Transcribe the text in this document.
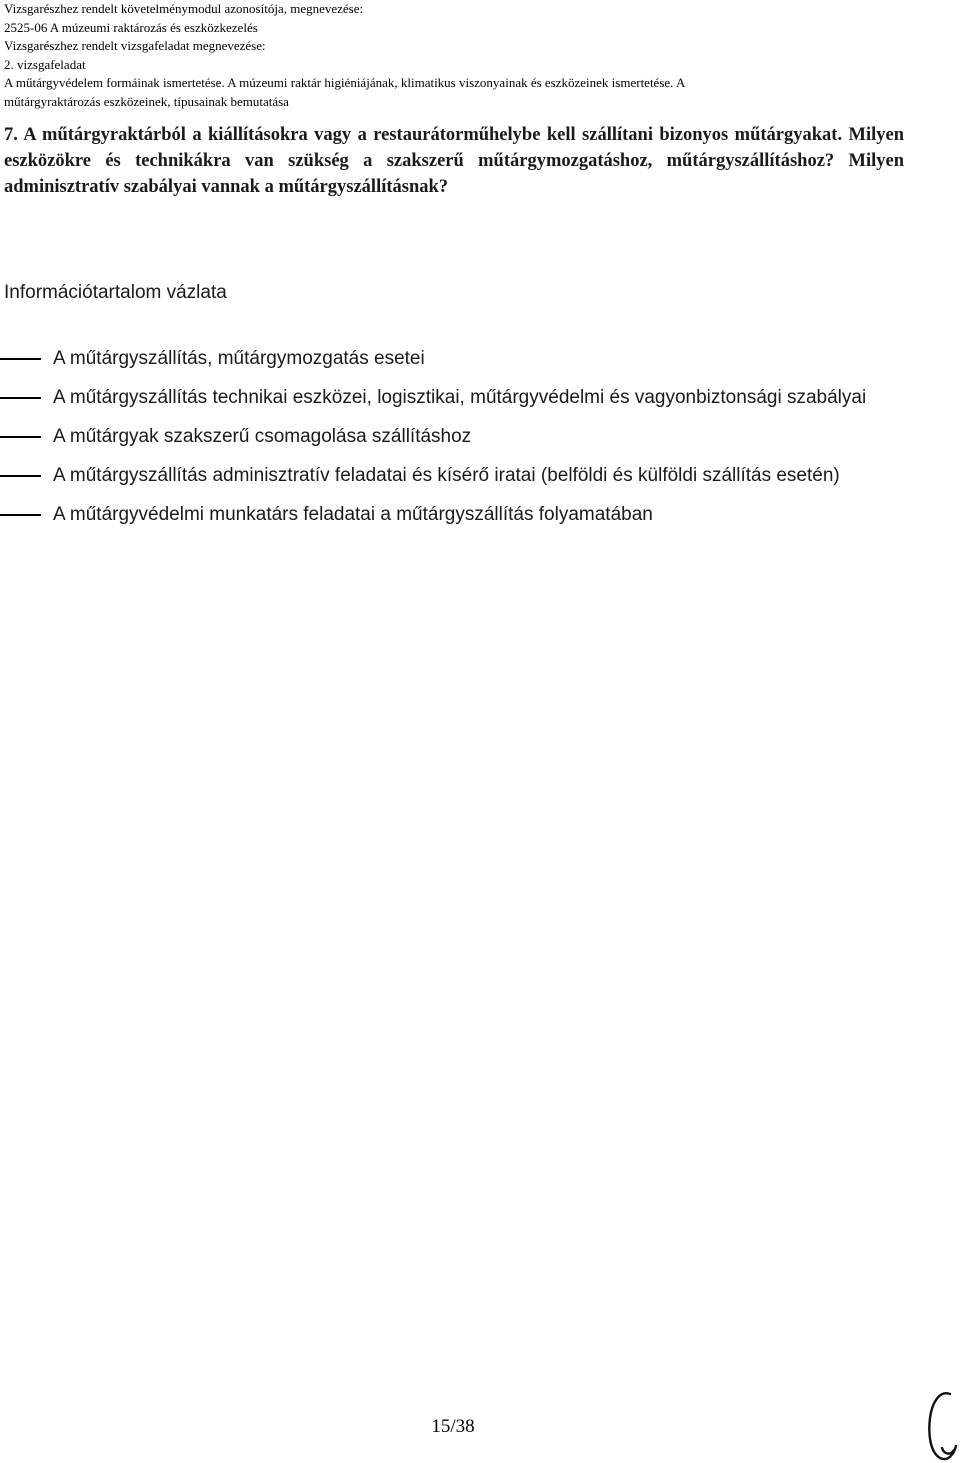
Vizsgarészhez rendelt követelménymodul azonosítója, megnevezése:
2525-06 A múzeumi raktározás és eszközkezelés
Vizsgarészhez rendelt vizsgafeladat megnevezése:
2. vizsgafeladat
A műtárgyvédelem formáinak ismertetése. A múzeumi raktár higiéniájának, klimatikus viszonyainak és eszközeinek ismertetése. A
műtárgyraktározás eszközeinek, típusainak bemutatása
7. A műtárgyraktárból a kiállításokra vagy a restaurátorműhelybe kell szállítani bizonyos műtárgyakat. Milyen eszközökre és technikákra van szükség a szakszerű műtárgymozgatáshoz, műtárgyszállításhoz? Milyen adminisztratív szabályai vannak a műtárgyszállításnak?
Információtartalom vázlata
A műtárgyszállítás, műtárgymozgatás esetei
A műtárgyszállítás technikai eszközei, logisztikai, műtárgyvédelmi és vagyonbiztonsági szabályai
A műtárgyak szakszerű csomagolása szállításhoz
A műtárgyszállítás adminisztratív feladatai és kísérő iratai (belföldi és külföldi szállítás esetén)
A műtárgyvédelmi munkatárs feladatai a műtárgyszállítás folyamatában
15/38
